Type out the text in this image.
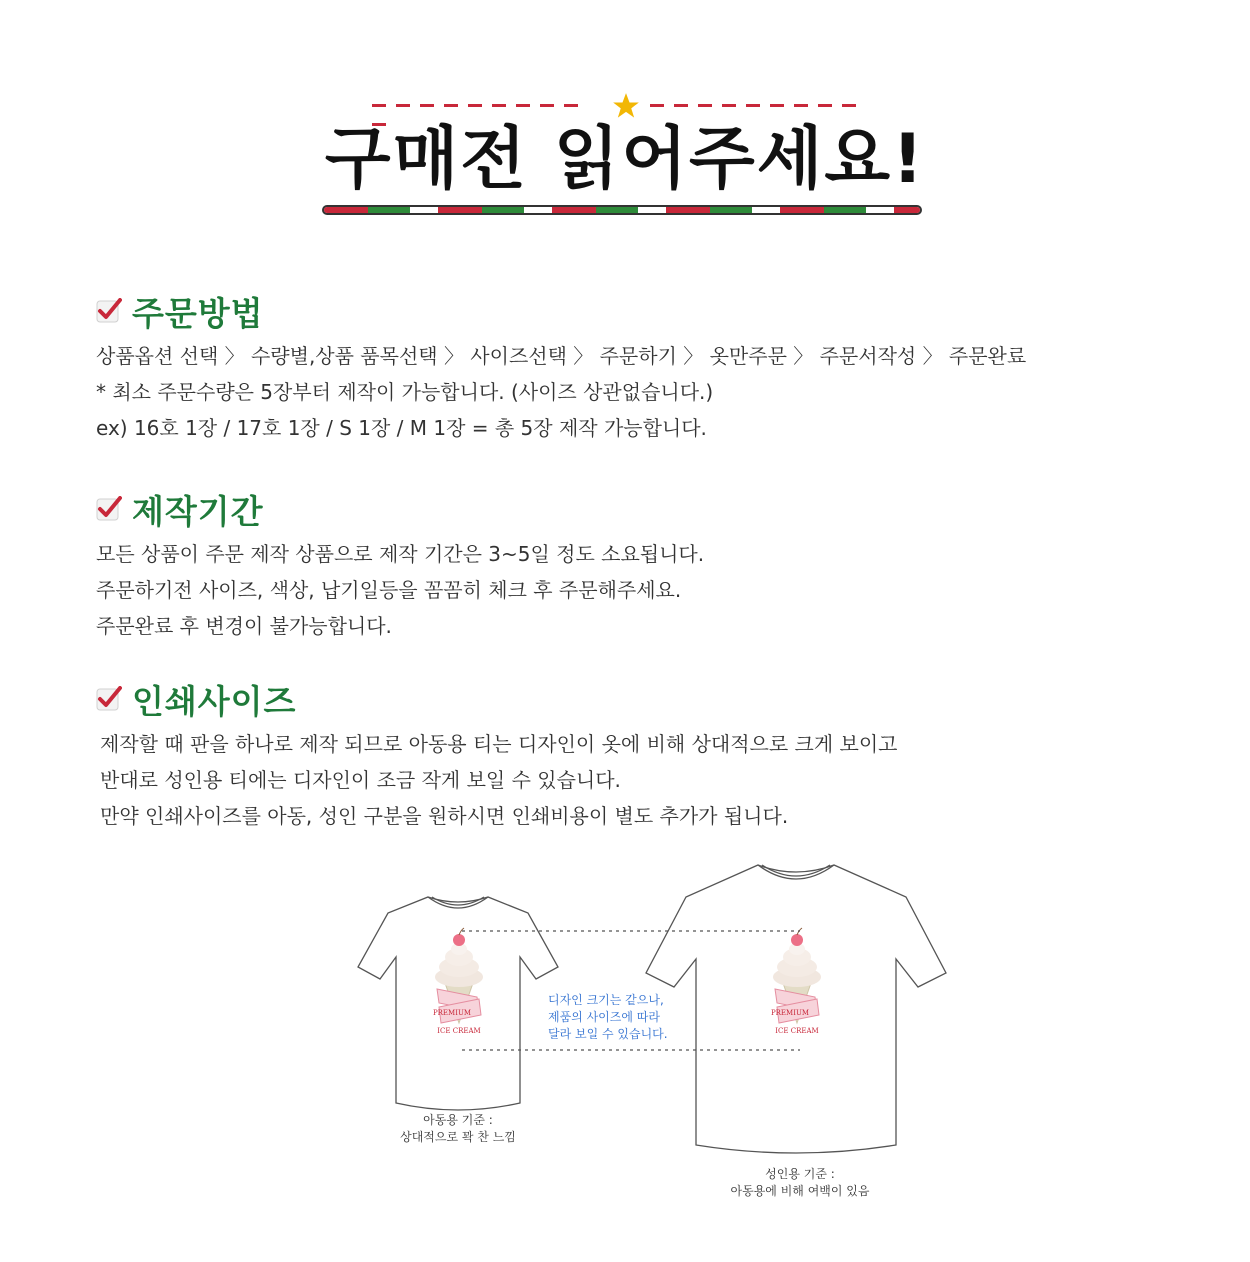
구매전 읽어주세요!
주문방법
상품옵션 선택 〉 수량별,상품 품목선택 〉 사이즈선택 〉 주문하기 〉 옷만주문 〉 주문서작성 〉 주문완료
* 최소 주문수량은 5장부터 제작이 가능합니다. (사이즈 상관없습니다.)
ex) 16호 1장 / 17호 1장 / S 1장 / M 1장 = 총 5장 제작 가능합니다.
제작기간
모든 상품이 주문 제작 상품으로 제작 기간은 3~5일 정도 소요됩니다.
주문하기전 사이즈, 색상, 납기일등을 꼼꼼히 체크 후 주문해주세요.
주문완료 후 변경이 불가능합니다.
인쇄사이즈
제작할 때 판을 하나로 제작 되므로 아동용 티는 디자인이 옷에 비해 상대적으로 크게 보이고
반대로 성인용 티에는 디자인이 조금 작게 보일 수 있습니다.
만약 인쇄사이즈를 아동, 성인 구분을 원하시면 인쇄비용이 별도 추가가 됩니다.
PREMIUM
ICE CREAM
PREMIUM
ICE CREAM
디자인 크기는 같으나,
제품의 사이즈에 따라
달라 보일 수 있습니다.
아동용 기준 :
상대적으로 꽉 찬 느낌
성인용 기준 :
아동용에 비해 여백이 있음
